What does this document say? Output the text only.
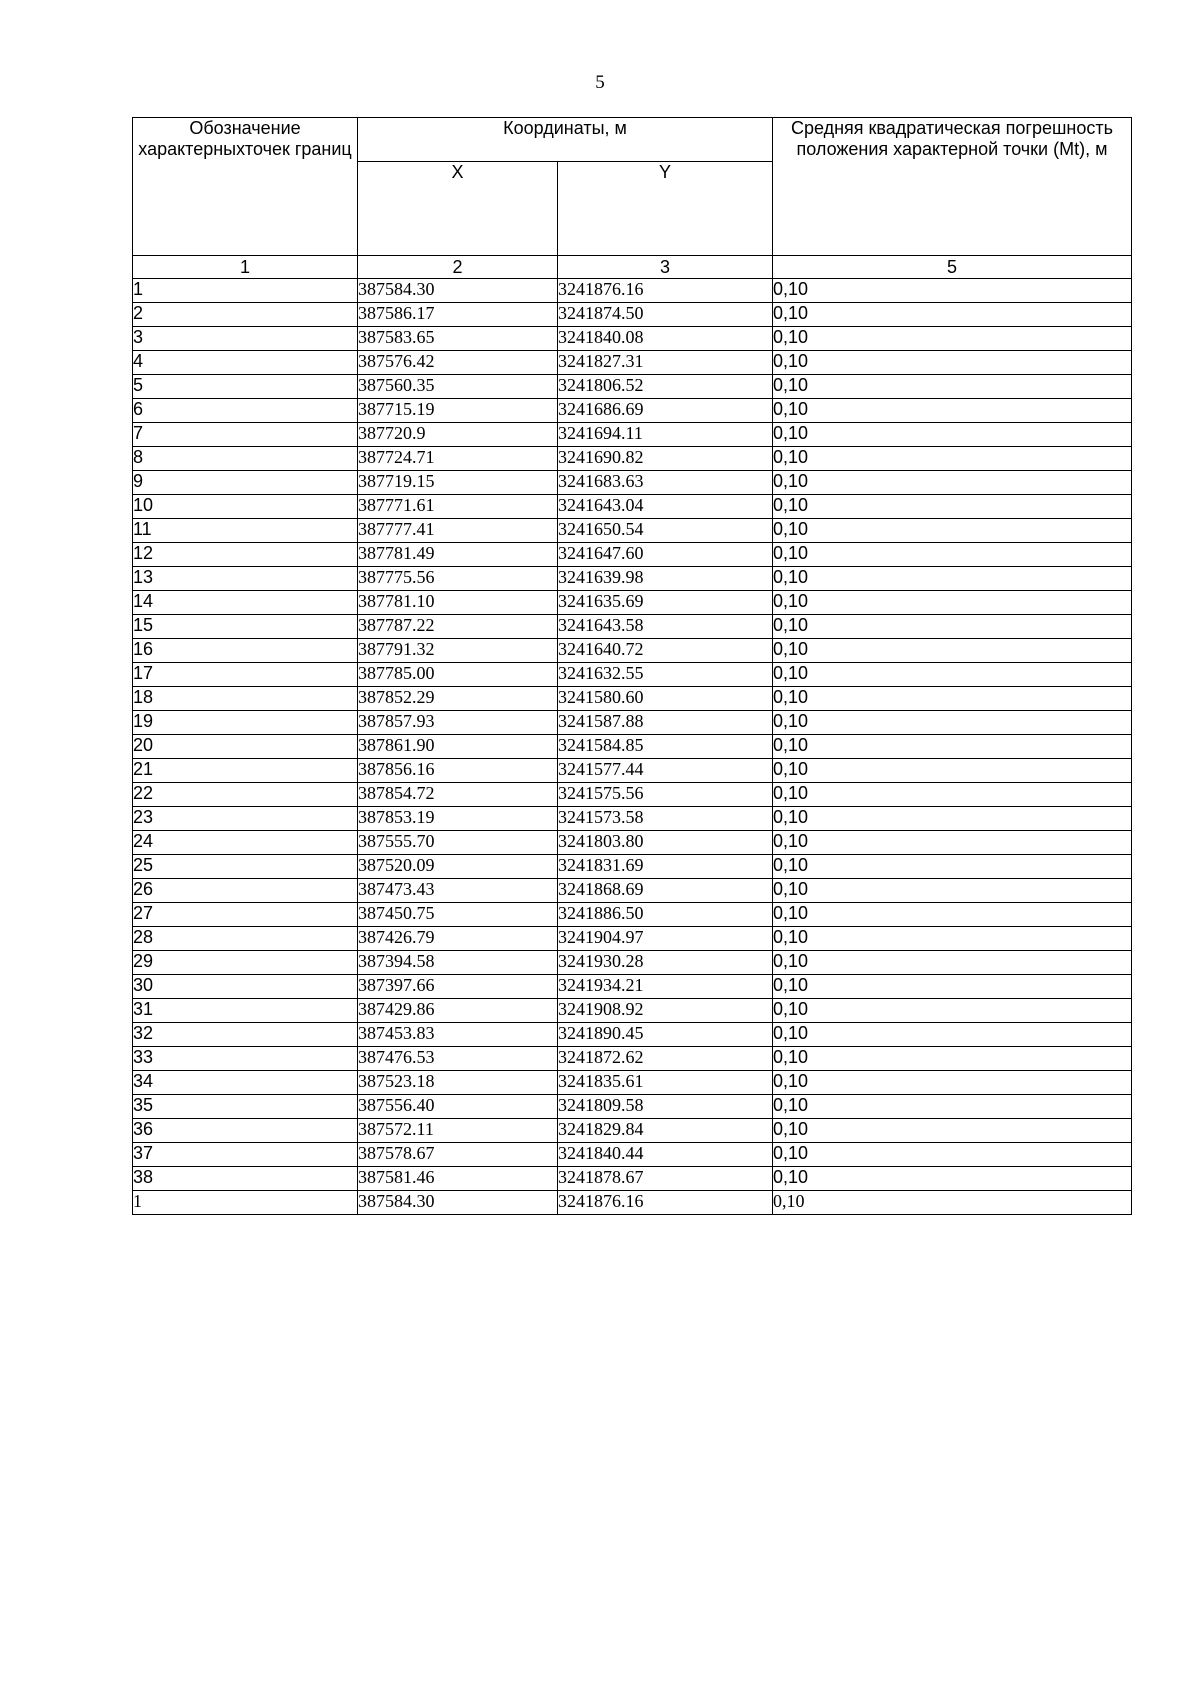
5
Обозначение характерныхточек границ	Координаты, м		Средняя квадратическая погрешность положения характерной точки (Mt), м
	X	Y	
1	2	3	5
1	387584.30	3241876.16	0,10
2	387586.17	3241874.50	0,10
3	387583.65	3241840.08	0,10
4	387576.42	3241827.31	0,10
5	387560.35	3241806.52	0,10
6	387715.19	3241686.69	0,10
7	387720.9	3241694.11	0,10
8	387724.71	3241690.82	0,10
9	387719.15	3241683.63	0,10
10	387771.61	3241643.04	0,10
11	387777.41	3241650.54	0,10
12	387781.49	3241647.60	0,10
13	387775.56	3241639.98	0,10
14	387781.10	3241635.69	0,10
15	387787.22	3241643.58	0,10
16	387791.32	3241640.72	0,10
17	387785.00	3241632.55	0,10
18	387852.29	3241580.60	0,10
19	387857.93	3241587.88	0,10
20	387861.90	3241584.85	0,10
21	387856.16	3241577.44	0,10
22	387854.72	3241575.56	0,10
23	387853.19	3241573.58	0,10
24	387555.70	3241803.80	0,10
25	387520.09	3241831.69	0,10
26	387473.43	3241868.69	0,10
27	387450.75	3241886.50	0,10
28	387426.79	3241904.97	0,10
29	387394.58	3241930.28	0,10
30	387397.66	3241934.21	0,10
31	387429.86	3241908.92	0,10
32	387453.83	3241890.45	0,10
33	387476.53	3241872.62	0,10
34	387523.18	3241835.61	0,10
35	387556.40	3241809.58	0,10
36	387572.11	3241829.84	0,10
37	387578.67	3241840.44	0,10
38	387581.46	3241878.67	0,10
1	387584.30	3241876.16	0,10
